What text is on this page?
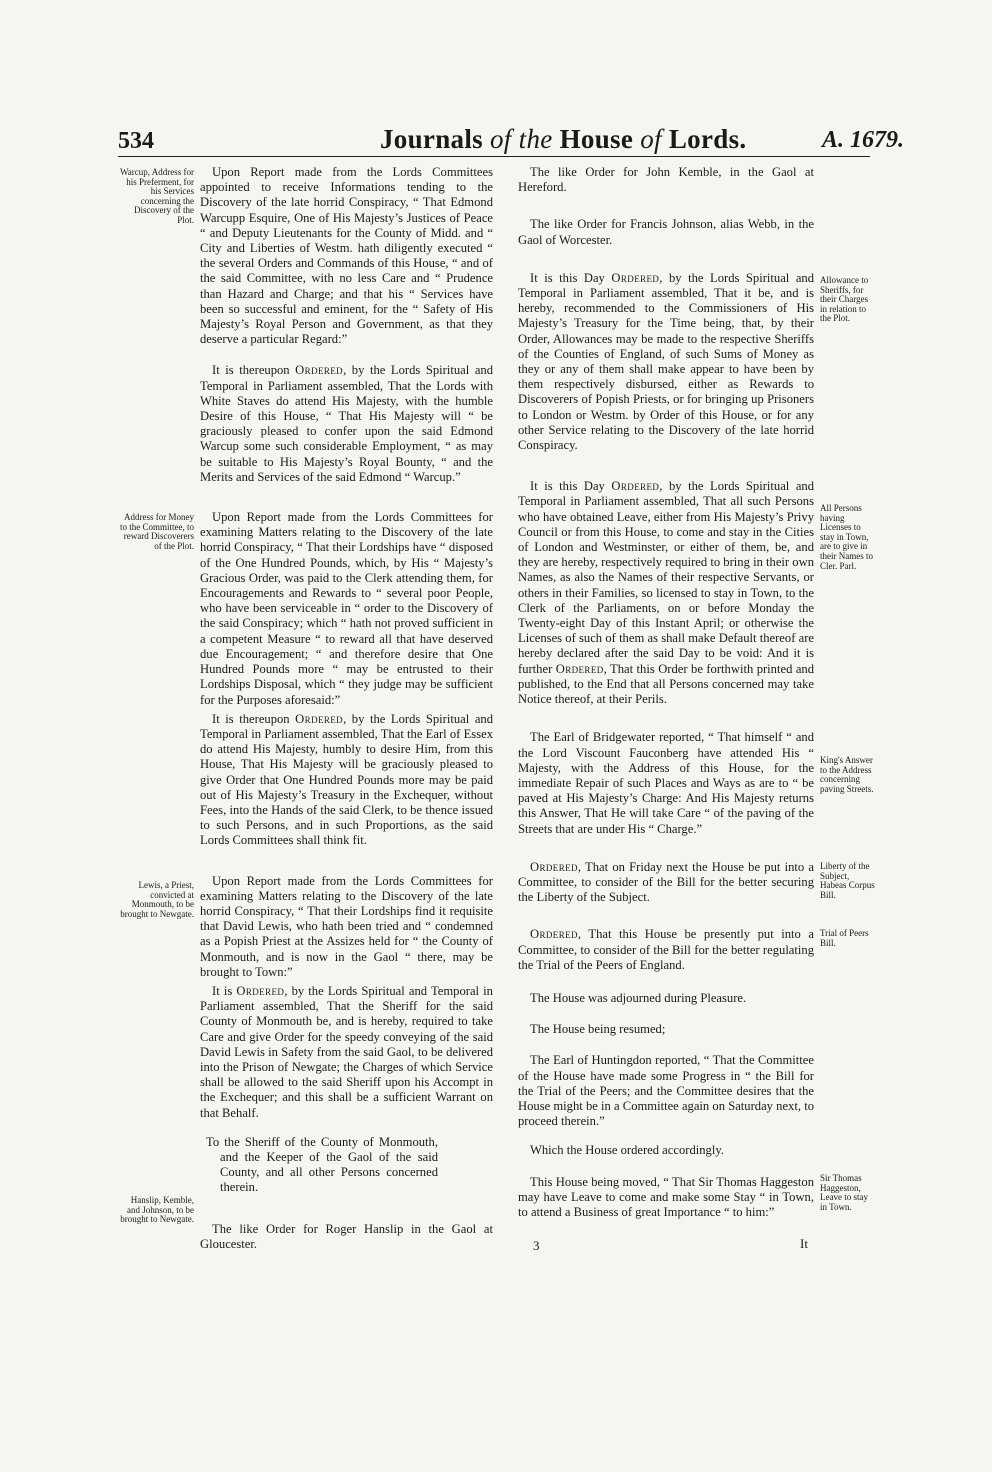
534	Journals of the House of Lords.	A. 1679.
Warcup, Address for his Preferment, for his Services concerning the Discovery of the Plot.
Address for Money to the Committee, to reward Discoverers of the Plot.
Lewis, a Priest, convicted at Monmouth, to be brought to Newgate.
Hanslip, Kemble, and Johnson, to be brought to Newgate.
Allowance to Sheriffs, for their Charges in relation to the Plot.
All Persons having Licenses to stay in Town, are to give in their Names to Cler. Parl.
King's Answer to the Address concerning paving Streets.
Liberty of the Subject, Habeas Corpus Bill.
Trial of Peers Bill.
Sir Thomas Haggeston, Leave to stay in Town.

Upon Report made from the Lords Committees appointed to receive Informations tending to the Discovery of the late horrid Conspiracy, “ That Edmond Warcupp Esquire, One of His Majesty’s Justices of Peace “ and Deputy Lieutenants for the County of Midd. and “ City and Liberties of Westm. hath diligently executed “ the several Orders and Commands of this House, “ and of the said Committee, with no less Care and “ Prudence than Hazard and Charge; and that his “ Services have been so successful and eminent, for the “ Safety of His Majesty’s Royal Person and Government, as that they deserve a particular Regard:”

It is thereupon Ordered, by the Lords Spiritual and Temporal in Parliament assembled, That the Lords with White Staves do attend His Majesty, with the humble Desire of this House, “ That His Majesty will “ be graciously pleased to confer upon the said Edmond Warcup some such considerable Employment, “ as may be suitable to His Majesty’s Royal Bounty, “ and the Merits and Services of the said Edmond “ Warcup.”

Upon Report made from the Lords Committees for examining Matters relating to the Discovery of the late horrid Conspiracy, “ That their Lordships have “ disposed of the One Hundred Pounds, which, by His “ Majesty’s Gracious Order, was paid to the Clerk attending them, for Encouragements and Rewards to “ several poor People, who have been serviceable in “ order to the Discovery of the said Conspiracy; which “ hath not proved sufficient in a competent Measure “ to reward all that have deserved due Encouragement; “ and therefore desire that One Hundred Pounds more “ may be entrusted to their Lordships Disposal, which “ they judge may be sufficient for the Purposes aforesaid:”

It is thereupon Ordered, by the Lords Spiritual and Temporal in Parliament assembled, That the Earl of Essex do attend His Majesty, humbly to desire Him, from this House, That His Majesty will be graciously pleased to give Order that One Hundred Pounds more may be paid out of His Majesty’s Treasury in the Exchequer, without Fees, into the Hands of the said Clerk, to be thence issued to such Persons, and in such Proportions, as the said Lords Committees shall think fit.

Upon Report made from the Lords Committees for examining Matters relating to the Discovery of the late horrid Conspiracy, “ That their Lordships find it requisite that David Lewis, who hath been tried and “ condemned as a Popish Priest at the Assizes held for “ the County of Monmouth, and is now in the Gaol “ there, may be brought to Town:”

It is Ordered, by the Lords Spiritual and Temporal in Parliament assembled, That the Sheriff for the said County of Monmouth be, and is hereby, required to take Care and give Order for the speedy conveying of the said David Lewis in Safety from the said Gaol, to be delivered into the Prison of Newgate; the Charges of which Service shall be allowed to the said Sheriff upon his Accompt in the Exchequer; and this shall be a sufficient Warrant on that Behalf.

To the Sheriff of the County of Monmouth, and the Keeper of the Gaol of the said County, and all other Persons concerned therein.

The like Order for Roger Hanslip in the Gaol at Gloucester.

The like Order for John Kemble, in the Gaol at Hereford.

The like Order for Francis Johnson, alias Webb, in the Gaol of Worcester.

It is this Day Ordered, by the Lords Spiritual and Temporal in Parliament assembled, That it be, and is hereby, recommended to the Commissioners of His Majesty’s Treasury for the Time being, that, by their Order, Allowances may be made to the respective Sheriffs of the Counties of England, of such Sums of Money as they or any of them shall make appear to have been by them respectively disbursed, either as Rewards to Discoverers of Popish Priests, or for bringing up Prisoners to London or Westm. by Order of this House, or for any other Service relating to the Discovery of the late horrid Conspiracy.

It is this Day Ordered, by the Lords Spiritual and Temporal in Parliament assembled, That all such Persons who have obtained Leave, either from His Majesty’s Privy Council or from this House, to come and stay in the Cities of London and Westminster, or either of them, be, and they are hereby, respectively required to bring in their own Names, as also the Names of their respective Servants, or others in their Families, so licensed to stay in Town, to the Clerk of the Parliaments, on or before Monday the Twenty-eight Day of this Instant April; or otherwise the Licenses of such of them as shall make Default thereof are hereby declared after the said Day to be void: And it is further Ordered, That this Order be forthwith printed and published, to the End that all Persons concerned may take Notice thereof, at their Perils.

The Earl of Bridgewater reported, “ That himself “ and the Lord Viscount Fauconberg have attended His “ Majesty, with the Address of this House, for the immediate Repair of such Places and Ways as are to “ be paved at His Majesty’s Charge: And His Majesty returns this Answer, That He will take Care “ of the paving of the Streets that are under His “ Charge.”

Ordered, That on Friday next the House be put into a Committee, to consider of the Bill for the better securing the Liberty of the Subject.

Ordered, That this House be presently put into a Committee, to consider of the Bill for the better regulating the Trial of the Peers of England.

The House was adjourned during Pleasure.

The House being resumed;

The Earl of Huntingdon reported, “ That the Committee of the House have made some Progress in “ the Bill for the Trial of the Peers; and the Committee desires that the House might be in a Committee again on Saturday next, to proceed therein.”

Which the House ordered accordingly.

This House being moved, “ That Sir Thomas Haggeston may have Leave to come and make some Stay “ in Town, to attend a Business of great Importance “ to him:”

3	It
